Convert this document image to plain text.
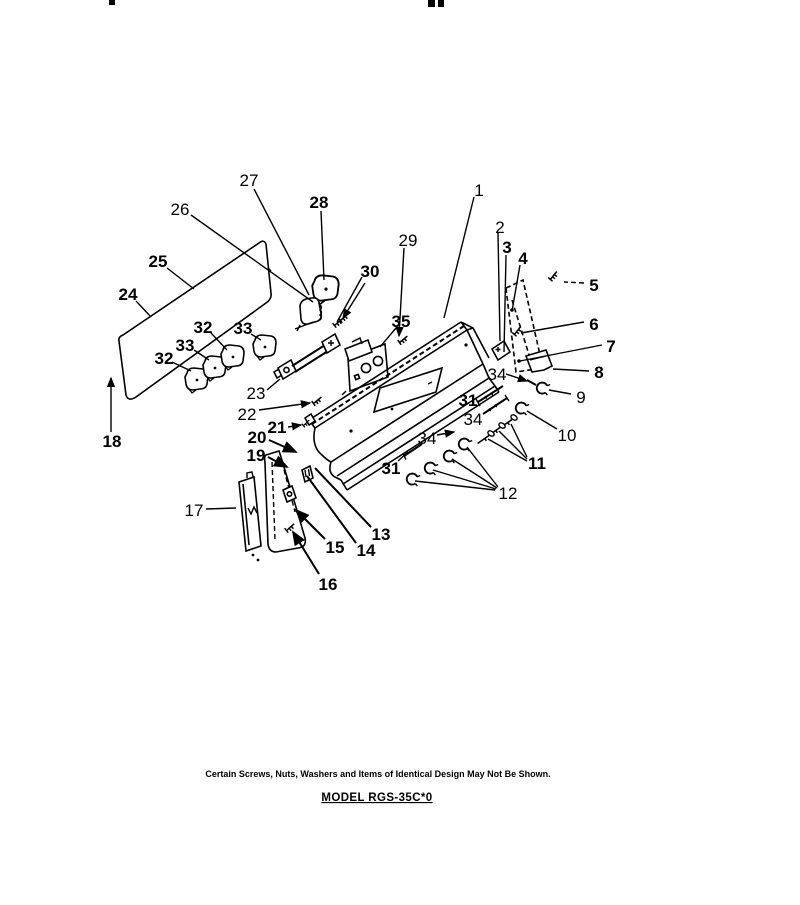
1
2
3
4
5
6
7
8
9
10
11
12
13
14
15
16
17
18
19
20
21
22
23
24
25
26
27
28
29
30
31
31
32
32
33
33
34
34
34
35
Certain Screws, Nuts, Washers and Items of Identical Design May Not Be Shown.
MODEL RGS-35C*0
